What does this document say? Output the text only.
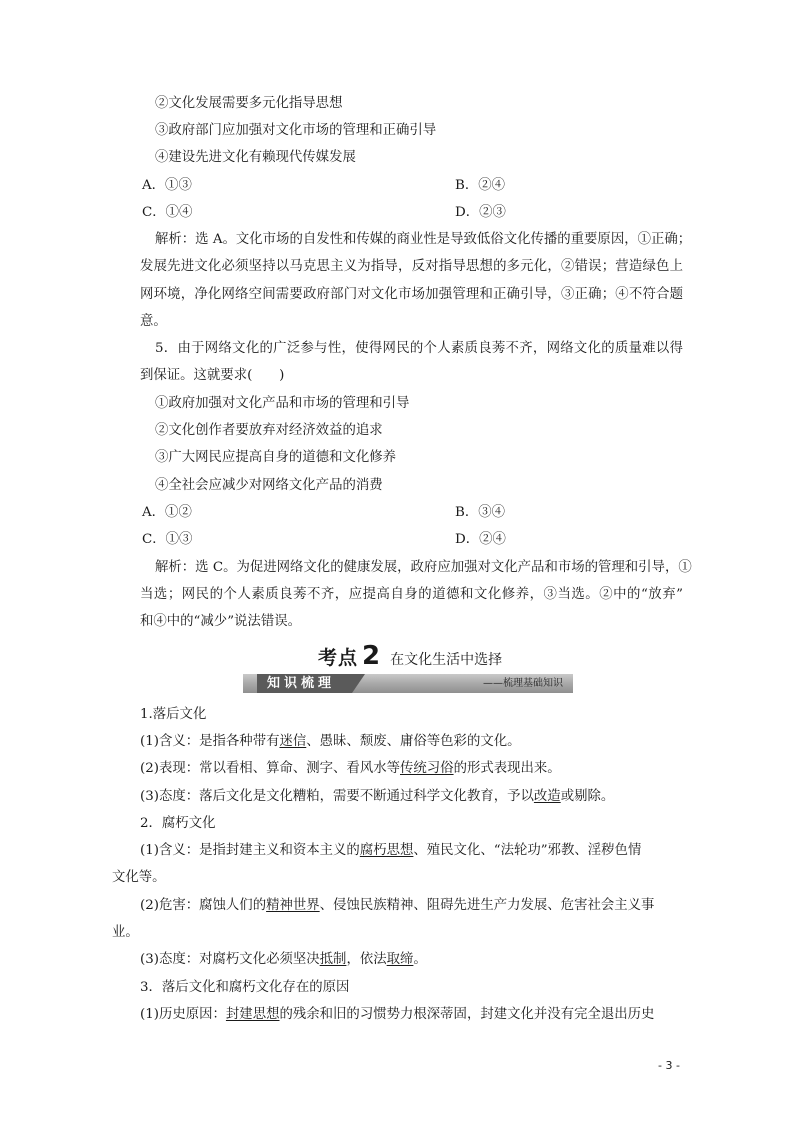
②文化发展需要多元化指导思想
③政府部门应加强对文化市场的管理和正确引导
④建设先进文化有赖现代传媒发展
A．①③	B．②④
C．①④	D．②③
解析：选 A。文化市场的自发性和传媒的商业性是导致低俗文化传播的重要原因，①正确；
发展先进文化必须坚持以马克思主义为指导，反对指导思想的多元化，②错误；营造绿色上
网环境，净化网络空间需要政府部门对文化市场加强管理和正确引导，③正确；④不符合题
意。
5．由于网络文化的广泛参与性，使得网民的个人素质良莠不齐，网络文化的质量难以得
到保证。这就要求(　　)
①政府加强对文化产品和市场的管理和引导
②文化创作者要放弃对经济效益的追求
③广大网民应提高自身的道德和文化修养
④全社会应减少对网络文化产品的消费
A．①②	B．③④
C．①③	D．②④
解析：选 C。为促进网络文化的健康发展，政府应加强对文化产品和市场的管理和引导，①
当选；网民的个人素质良莠不齐，应提高自身的道德和文化修养，③当选。②中的“放弃”
和④中的“减少”说法错误。
考点 2 在文化生活中选择
知识梳理	——梳理基础知识
1.落后文化
(1)含义：是指各种带有迷信、愚昧、颓废、庸俗等色彩的文化。
(2)表现：常以看相、算命、测字、看风水等传统习俗的形式表现出来。
(3)态度：落后文化是文化糟粕，需要不断通过科学文化教育，予以改造或剔除。
2．腐朽文化
(1)含义：是指封建主义和资本主义的腐朽思想、殖民文化、“法轮功”邪教、淫秽色情
文化等。
(2)危害：腐蚀人们的精神世界、侵蚀民族精神、阻碍先进生产力发展、危害社会主义事
业。
(3)态度：对腐朽文化必须坚决抵制，依法取缔。
3．落后文化和腐朽文化存在的原因
(1)历史原因：封建思想的残余和旧的习惯势力根深蒂固，封建文化并没有完全退出历史
- 3 -
